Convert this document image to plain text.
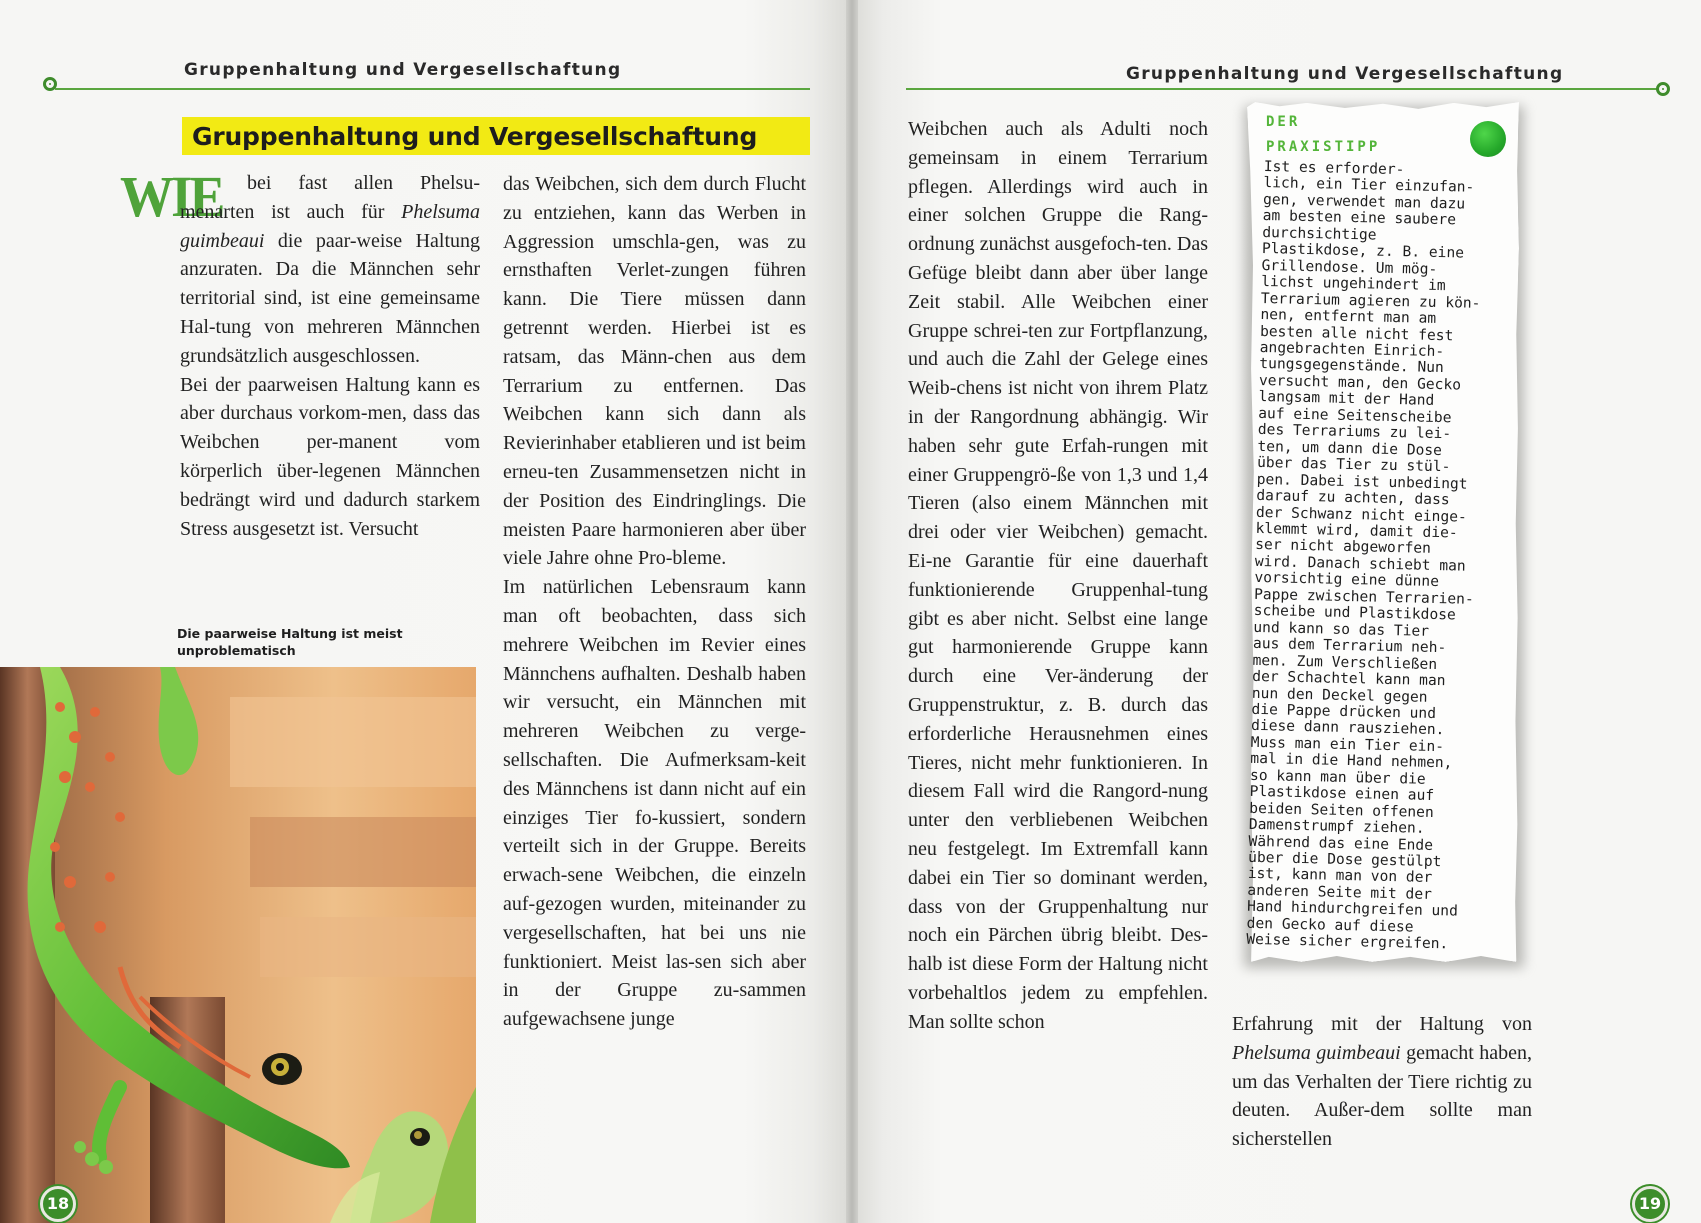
Gruppenhaltung und Vergesellschaftung
Gruppenhaltung und Vergesellschaftung
WIE	bei fast allen Phelsu-menarten ist auch für Phelsuma guimbeaui die paar-weise Haltung anzuraten. Da die Männchen sehr territorial sind, ist eine gemeinsame Hal-tung von mehreren Männchen grundsätzlich ausgeschlossen.

Bei der paarweisen Haltung kann es aber durchaus vorkom-men, dass das Weibchen per-manent vom körperlich über-legenen Männchen bedrängt wird und dadurch starkem Stress ausgesetzt ist. Versucht

Die paarweise Haltung ist meist unproblematisch

das Weibchen, sich dem durch Flucht zu entziehen, kann das Werben in Aggression umschla-gen, was zu ernsthaften Verlet-zungen führen kann. Die Tiere müssen dann getrennt werden. Hierbei ist es ratsam, das Männ-chen aus dem Terrarium zu entfernen. Das Weibchen kann sich dann als Revierinhaber etablieren und ist beim erneu-ten Zusammensetzen nicht in der Position des Eindringlings. Die meisten Paare harmonieren aber über viele Jahre ohne Pro-bleme.

Im natürlichen Lebensraum kann man oft beobachten, dass sich mehrere Weibchen im Revier eines Männchens aufhalten. Deshalb haben wir versucht, ein Männchen mit mehreren Weibchen zu verge-sellschaften. Die Aufmerksam-keit des Männchens ist dann nicht auf ein einziges Tier fo-kussiert, sondern verteilt sich in der Gruppe. Bereits erwach-sene Weibchen, die einzeln auf-gezogen wurden, miteinander zu vergesellschaften, hat bei uns nie funktioniert. Meist las-sen sich aber in der Gruppe zu-sammen aufgewachsene junge

18
Gruppenhaltung und Vergesellschaftung

Weibchen auch als Adulti noch gemeinsam in einem Terrarium pflegen. Allerdings wird auch in einer solchen Gruppe die Rang-ordnung zunächst ausgefoch-ten. Das Gefüge bleibt dann aber über lange Zeit stabil. Alle Weibchen einer Gruppe schrei-ten zur Fortpflanzung, und auch die Zahl der Gelege eines Weib-chens ist nicht von ihrem Platz in der Rangordnung abhängig. Wir haben sehr gute Erfah-rungen mit einer Gruppengrö-ße von 1,3 und 1,4 Tieren (also einem Männchen mit drei oder vier Weibchen) gemacht. Ei-ne Garantie für eine dauerhaft funktionierende Gruppenhal-tung gibt es aber nicht. Selbst eine lange gut harmonierende Gruppe kann durch eine Ver-änderung der Gruppenstruktur, z. B. durch das erforderliche Herausnehmen eines Tieres, nicht mehr funktionieren. In diesem Fall wird die Rangord-nung unter den verbliebenen Weibchen neu festgelegt. Im Extremfall kann dabei ein Tier so dominant werden, dass von der Gruppenhaltung nur noch ein Pärchen übrig bleibt. Des-halb ist diese Form der Haltung nicht vorbehaltlos jedem zu empfehlen. Man sollte schon

DER
PRAXISTIPP
Ist es erforder-
lich, ein Tier einzufan-
gen, verwendet man dazu
am besten eine saubere
durchsichtige
Plastikdose, z. B. eine
Grillendose. Um mög-
lichst ungehindert im
Terrarium agieren zu kön-
nen, entfernt man am
besten alle nicht fest
angebrachten Einrich-
tungsgegenstände. Nun
versucht man, den Gecko
langsam mit der Hand
auf eine Seitenscheibe
des Terrariums zu lei-
ten, um dann die Dose
über das Tier zu stül-
pen. Dabei ist unbedingt
darauf zu achten, dass
der Schwanz nicht einge-
klemmt wird, damit die-
ser nicht abgeworfen
wird. Danach schiebt man
vorsichtig eine dünne
Pappe zwischen Terrarien-
scheibe und Plastikdose
und kann so das Tier
aus dem Terrarium neh-
men. Zum Verschließen
der Schachtel kann man
nun den Deckel gegen
die Pappe drücken und
diese dann rausziehen.
Muss man ein Tier ein-
mal in die Hand nehmen,
so kann man über die
Plastikdose einen auf
beiden Seiten offenen
Damenstrumpf ziehen.
Während das eine Ende
über die Dose gestülpt
ist, kann man von der
anderen Seite mit der
Hand hindurchgreifen und
den Gecko auf diese
Weise sicher ergreifen.

Erfahrung mit der Haltung von Phelsuma guimbeaui gemacht haben, um das Verhalten der Tiere richtig zu deuten. Außer-dem sollte man sicherstellen

19
